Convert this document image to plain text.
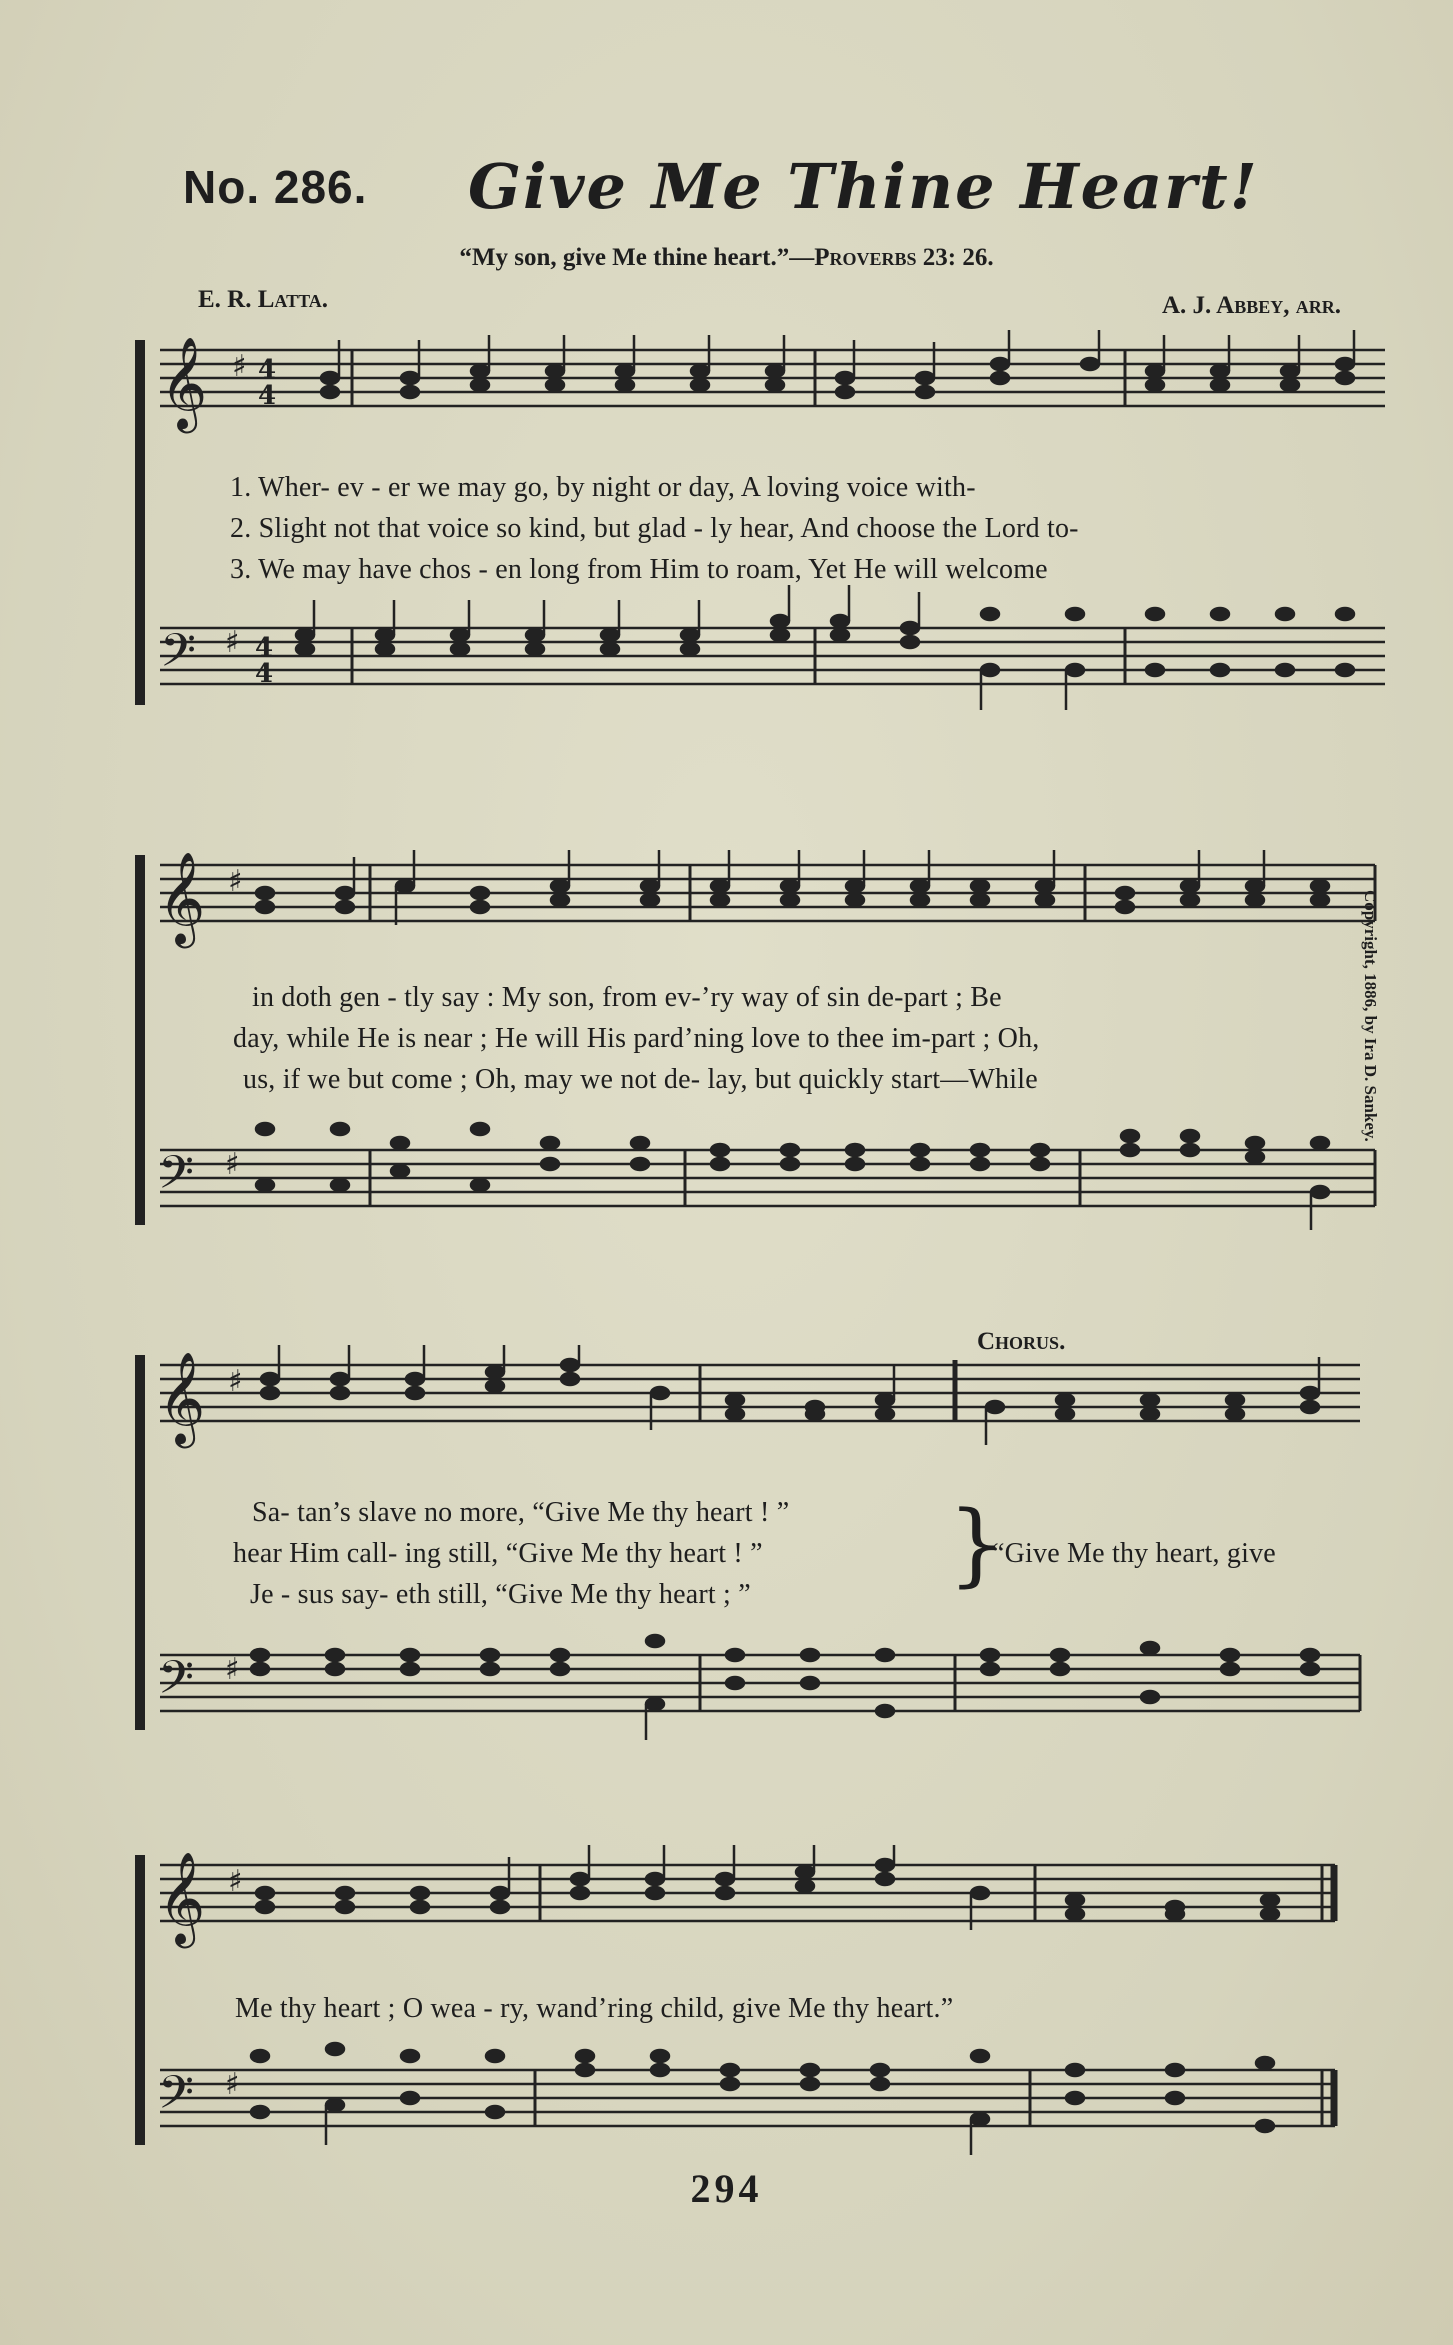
No. 286. Give Me Thine Heart!
“My son, give Me thine heart.”—Proverbs 23: 26.
E. R. Latta.	A. J. Abbey, arr.
Copyright, 1886, by Ira D. Sankey.
𝄞
𝄢
♯
♯
4
4
4
4
1. Wher- ev - er we may go, by night or day, A loving voice with-
2. Slight not that voice so kind, but glad - ly hear, And choose the Lord to-
3. We may have chos - en long from Him to roam, Yet He will welcome
𝄞
𝄢
♯
♯
in doth gen - tly say : My son, from ev-’ry way of sin de-part ; Be
day, while He is near ; He will His pard’ning love to thee im-part ; Oh,
us, if we but come ; Oh, may we not de- lay, but quickly start—While
Chorus.
𝄞
𝄢
♯
♯
Sa- tan’s slave no more, “Give Me thy heart ! ”
hear Him call- ing still, “Give Me thy heart ! ”
Je - sus say- eth still, “Give Me thy heart ; ” }
“Give Me thy heart, give
𝄞
𝄢
♯
♯
Me thy heart ; O wea - ry, wand’ring child, give Me thy heart.”
294
